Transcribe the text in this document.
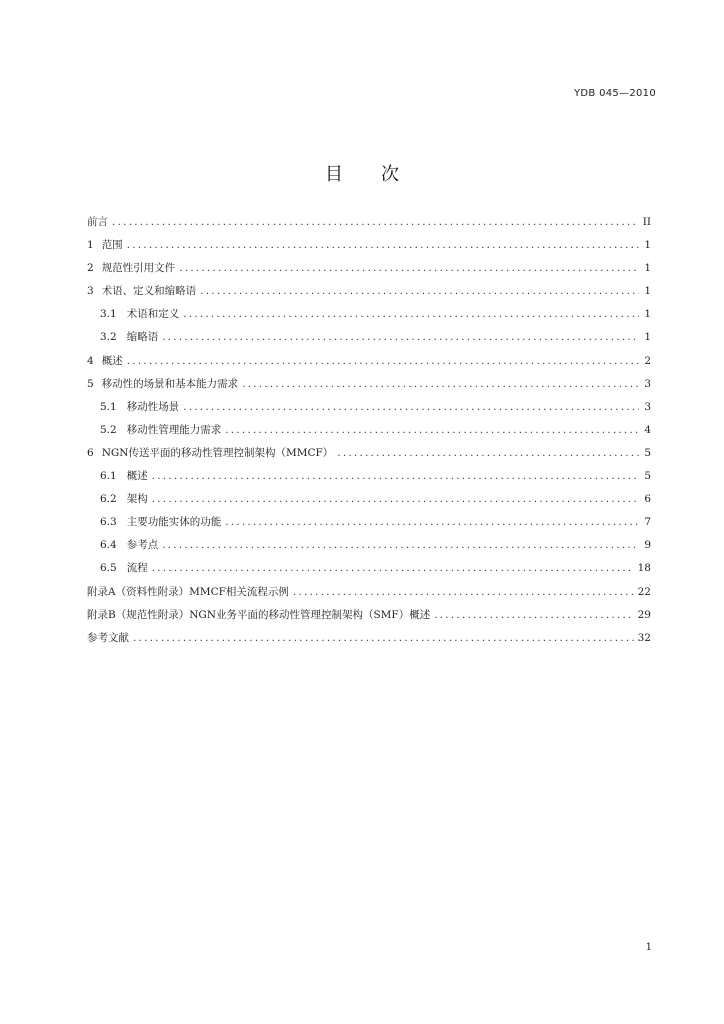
YDB 045—2010
目次
前言 .....	II
1 范围 .....	1
2 规范性引用文件 .....	1
3 术语、定义和缩略语 .....	1
3.1 术语和定义 .....	1
3.2 缩略语 .....	1
4 概述 .....	2
5 移动性的场景和基本能力需求 .....	3
5.1 移动性场景 .....	3
5.2 移动性管理能力需求 .....	4
6 NGN传送平面的移动性管理控制架构（MMCF） .....	5
6.1 概述 .....	5
6.2 架构 .....	6
6.3 主要功能实体的功能 .....	7
6.4 参考点 .....	9
6.5 流程 .....	18
附录A（资料性附录）MMCF相关流程示例 .....	22
附录B（规范性附录）NGN业务平面的移动性管理控制架构（SMF）概述 .....	29
参考文献 .....	32
1
